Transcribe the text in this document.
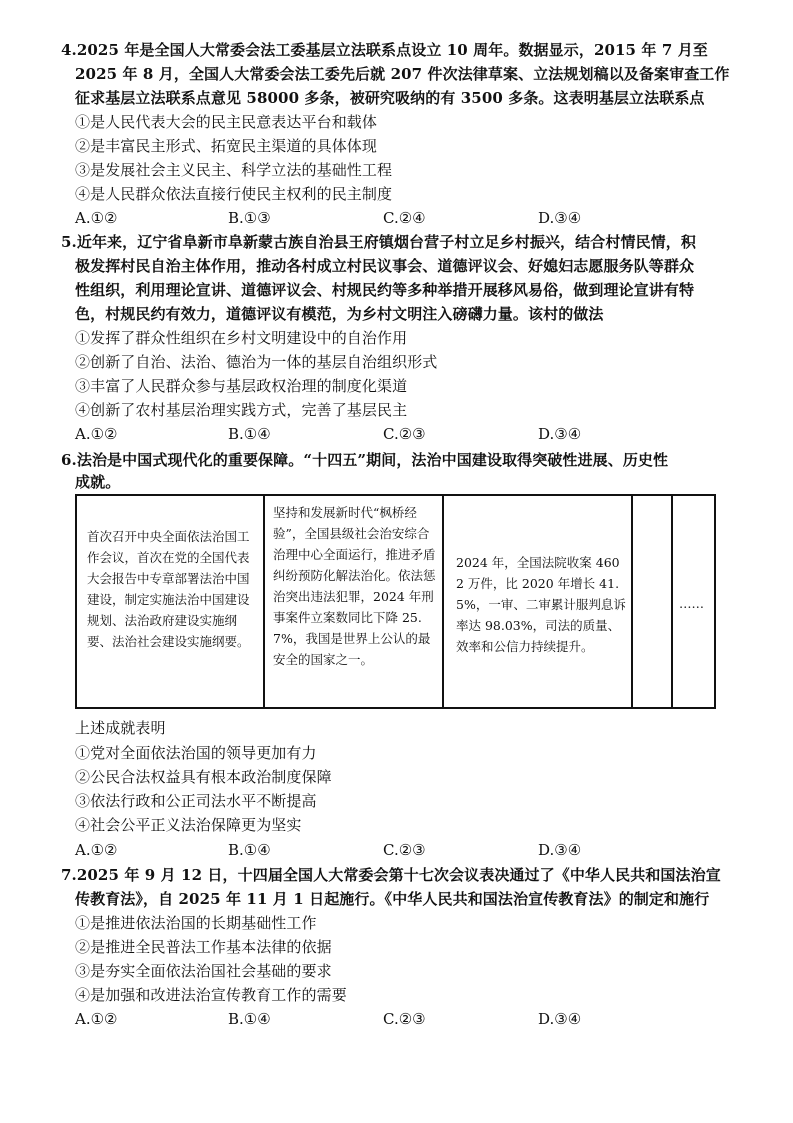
4.2025 年是全国人大常委会法工委基层立法联系点设立 10 周年。数据显示，2015 年 7 月至
2025 年 8 月，全国人大常委会法工委先后就 207 件次法律草案、立法规划稿以及备案审查工作
征求基层立法联系点意见 58000 多条，被研究吸纳的有 3500 多条。这表明基层立法联系点
①是人民代表大会的民主民意表达平台和载体
②是丰富民主形式、拓宽民主渠道的具体体现
③是发展社会主义民主、科学立法的基础性工程
④是人民群众依法直接行使民主权利的民主制度
A.①②	B.①③	C.②④	D.③④
5.近年来，辽宁省阜新市阜新蒙古族自治县王府镇烟台营子村立足乡村振兴，结合村情民情，积
极发挥村民自治主体作用，推动各村成立村民议事会、道德评议会、好媳妇志愿服务队等群众
性组织，利用理论宣讲、道德评议会、村规民约等多种举措开展移风易俗，做到理论宣讲有特
色，村规民约有效力，道德评议有模范，为乡村文明注入磅礴力量。该村的做法
①发挥了群众性组织在乡村文明建设中的自治作用
②创新了自治、法治、德治为一体的基层自治组织形式
③丰富了人民群众参与基层政权治理的制度化渠道
④创新了农村基层治理实践方式，完善了基层民主
A.①②	B.①④	C.②③	D.③④
6.法治是中国式现代化的重要保障。“十四五”期间，法治中国建设取得突破性进展、历史性
成就。
首次召开中央全面依法治国工作会议，首次在党的全国代表大会报告中专章部署法治中国建设，制定实施法治中国建设规划、法治政府建设实施纲要、法治社会建设实施纲要。
坚持和发展新时代“枫桥经验”，全国县级社会治安综合治理中心全面运行，推进矛盾纠纷预防化解法治化。依法惩治突出违法犯罪，2024 年刑事案件立案数同比下降 25.7%，我国是世界上公认的最安全的国家之一。
2024 年，全国法院收案 4602 万件，比 2020 年增长 41.5%，一审、二审累计服判息诉率达 98.03%，司法的质量、效率和公信力持续提升。
……
上述成就表明
①党对全面依法治国的领导更加有力
②公民合法权益具有根本政治制度保障
③依法行政和公正司法水平不断提高
④社会公平正义法治保障更为坚实
A.①②	B.①④	C.②③	D.③④
7.2025 年 9 月 12 日，十四届全国人大常委会第十七次会议表决通过了《中华人民共和国法治宣
传教育法》，自 2025 年 11 月 1 日起施行。《中华人民共和国法治宣传教育法》的制定和施行
①是推进依法治国的长期基础性工作
②是推进全民普法工作基本法律的依据
③是夯实全面依法治国社会基础的要求
④是加强和改进法治宣传教育工作的需要
A.①②	B.①④	C.②③	D.③④
